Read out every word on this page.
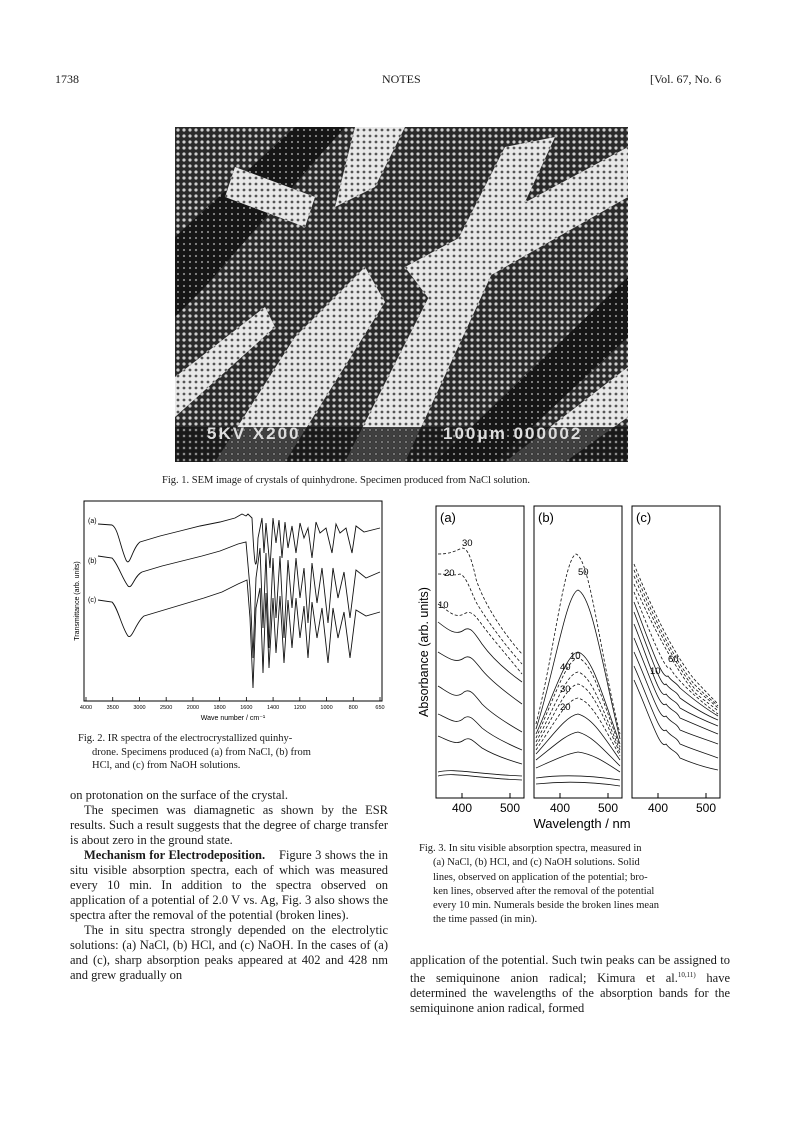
1738	NOTES	[Vol. 67, No. 6
5KV X200	100μm 000002
Fig. 1. SEM image of crystals of quinhydrone. Specimen produced from NaCl solution.
(a)
(b)
(c)
4000	3500	3000	2500	2000	1800	1600	1400	1200	1000	800	650
Wave number / cm⁻¹
Transmittance (arb. units)
Fig. 2. IR spectra of the electrocrystallized quinhy-
drone. Specimens produced (a) from NaCl, (b) from
HCl, and (c) from NaOH solutions.
(a)	(b)	(c)
30
20
10
50
10
40
30
20
60
10
400 500 400 500 400 500
Wavelength / nm
Absorbance (arb. units)
Fig. 3. In situ visible absorption spectra, measured in
(a) NaCl, (b) HCl, and (c) NaOH solutions. Solid
lines, observed on application of the potential; bro-
ken lines, observed after the removal of the potential
every 10 min. Numerals beside the broken lines mean
the time passed (in min).

on protonation on the surface of the crystal.

The specimen was diamagnetic as shown by the ESR results. Such a result suggests that the degree of charge transfer is about zero in the ground state.

Mechanism for Electrodeposition. Figure 3 shows the in situ visible absorption spectra, each of which was measured every 10 min. In addition to the spectra observed on application of a potential of 2.0 V vs. Ag, Fig. 3 also shows the spectra after the removal of the potential (broken lines).

The in situ spectra strongly depended on the electrolytic solutions: (a) NaCl, (b) HCl, and (c) NaOH. In the cases of (a) and (c), sharp absorption peaks appeared at 402 and 428 nm and grew gradually on

application of the potential. Such twin peaks can be assigned to the semiquinone anion radical; Kimura et al.$^{10,11)}$ have determined the wavelengths of the absorption bands for the semiquinone anion radical, formed
